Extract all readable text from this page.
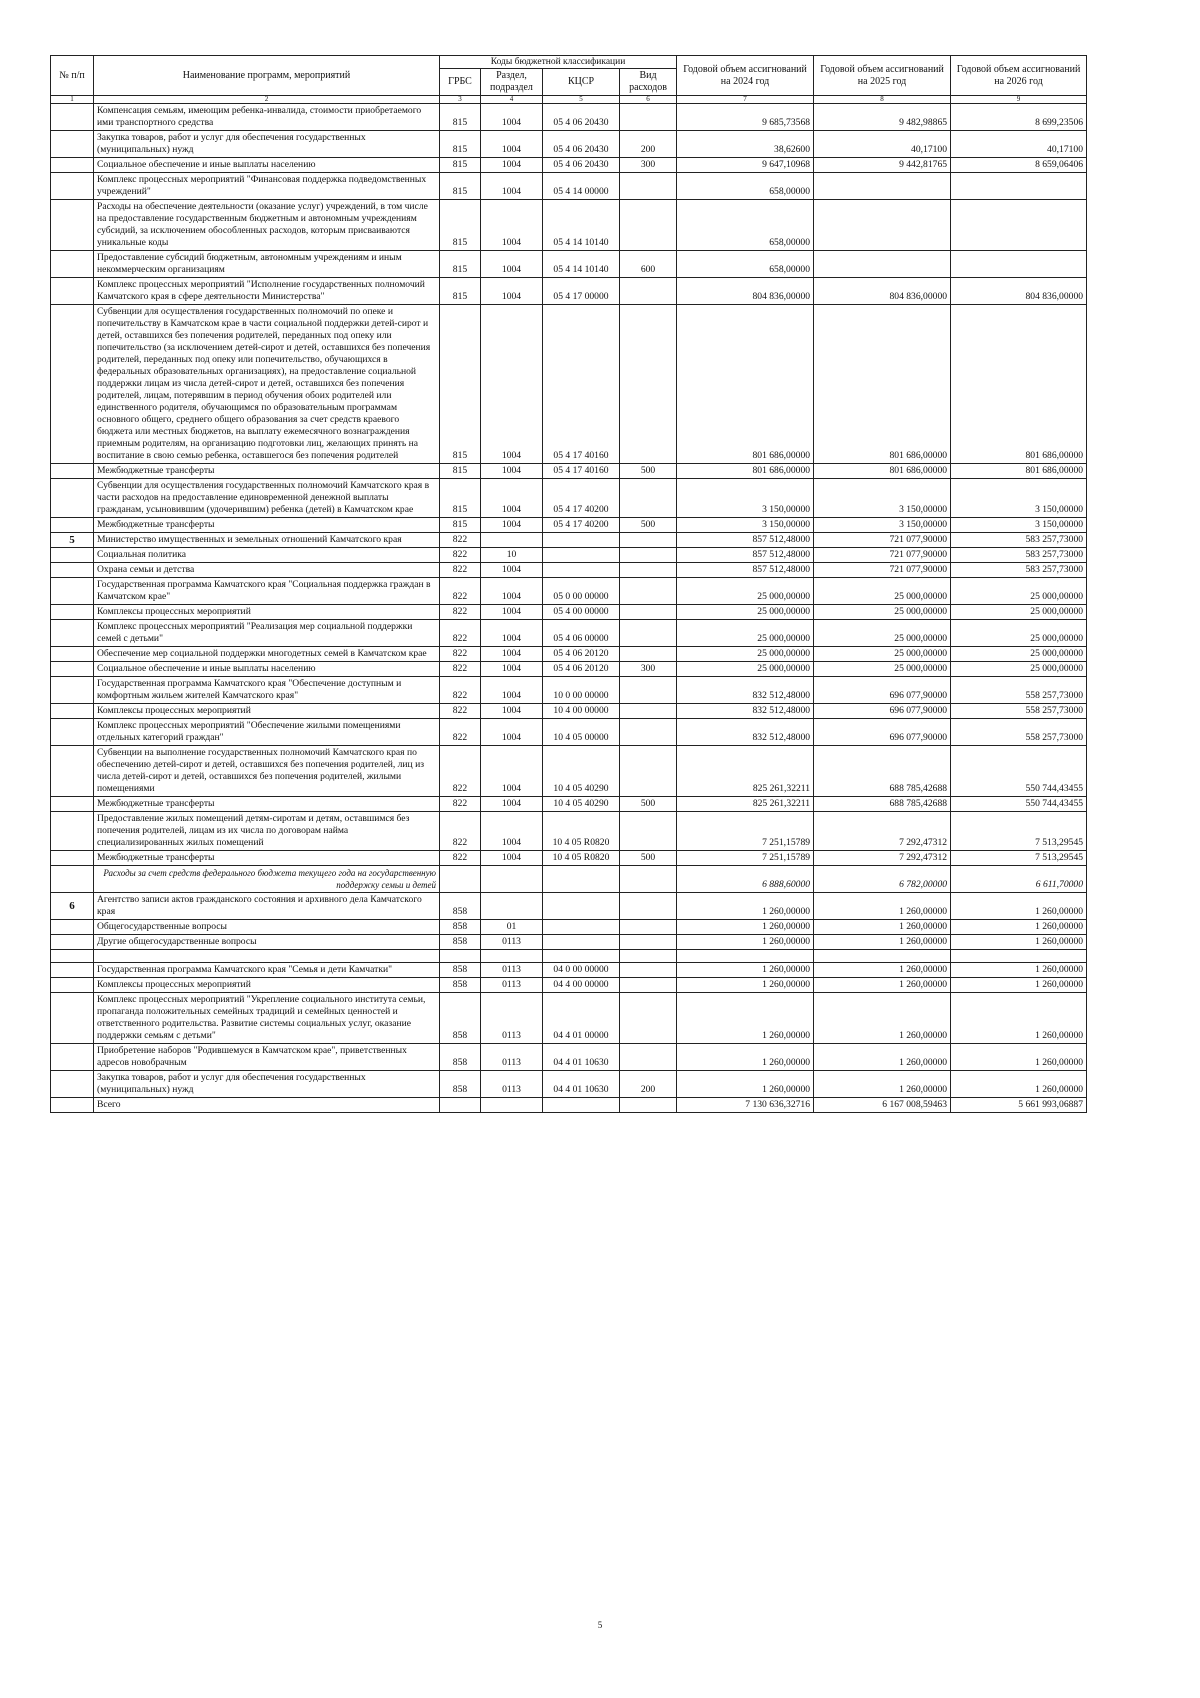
№ п/п	Наименование программ, мероприятий	Коды бюджетной классификации				Годовой объем ассигнований на 2024 год	Годовой объем ассигнований на 2025 год	Годовой объем ассигнований на 2026 год
		ГРБС	Раздел, подраздел	КЦСР	Вид расходов			
1	2	3	4	5	6	7	8	9
	Компенсация семьям, имеющим ребенка-инвалида, стоимости приобретаемого ими транспортного средства	815	1004	05 4 06 20430		9 685,73568	9 482,98865	8 699,23506
	Закупка товаров, работ и услуг для обеспечения государственных (муниципальных) нужд	815	1004	05 4 06 20430	200	38,62600	40,17100	40,17100
	Социальное обеспечение и иные выплаты населению	815	1004	05 4 06 20430	300	9 647,10968	9 442,81765	8 659,06406
	Комплекс процессных мероприятий "Финансовая поддержка подведомственных учреждений"	815	1004	05 4 14 00000		658,00000		
	Расходы на обеспечение деятельности (оказание услуг) учреждений, в том числе на предоставление государственным бюджетным и автономным учреждениям субсидий, за исключением обособленных расходов, которым присваиваются уникальные коды	815	1004	05 4 14 10140		658,00000		
	Предоставление субсидий бюджетным, автономным учреждениям и иным некоммерческим организациям	815	1004	05 4 14 10140	600	658,00000		
	Комплекс процессных мероприятий "Исполнение государственных полномочий Камчатского края в сфере деятельности Министерства"	815	1004	05 4 17 00000		804 836,00000	804 836,00000	804 836,00000
	Субвенции для осуществления государственных полномочий по опеке и попечительству в Камчатском крае в части социальной поддержки детей-сирот и детей, оставшихся без попечения родителей, переданных под опеку или попечительство (за исключением детей-сирот и детей, оставшихся без попечения родителей, переданных под опеку или попечительство, обучающихся в федеральных образовательных организациях), на предоставление социальной поддержки лицам из числа детей-сирот и детей, оставшихся без попечения родителей, лицам, потерявшим в период обучения обоих родителей или единственного родителя, обучающимся по образовательным программам основного общего, среднего общего образования за счет средств краевого бюджета или местных бюджетов, на выплату ежемесячного вознаграждения приемным родителям, на организацию подготовки лиц, желающих принять на воспитание в свою семью ребенка, оставшегося без попечения родителей	815	1004	05 4 17 40160		801 686,00000	801 686,00000	801 686,00000
	Межбюджетные трансферты	815	1004	05 4 17 40160	500	801 686,00000	801 686,00000	801 686,00000
	Субвенции для осуществления государственных полномочий Камчатского края в части расходов на предоставление единовременной денежной выплаты гражданам, усыновившим (удочерившим) ребенка (детей) в Камчатском крае	815	1004	05 4 17 40200		3 150,00000	3 150,00000	3 150,00000
	Межбюджетные трансферты	815	1004	05 4 17 40200	500	3 150,00000	3 150,00000	3 150,00000
5	Министерство имущественных и земельных отношений Камчатского края	822				857 512,48000	721 077,90000	583 257,73000
	Социальная политика	822	10			857 512,48000	721 077,90000	583 257,73000
	Охрана семьи и детства	822	1004			857 512,48000	721 077,90000	583 257,73000
	Государственная программа Камчатского края "Социальная поддержка граждан в Камчатском крае"	822	1004	05 0 00 00000		25 000,00000	25 000,00000	25 000,00000
	Комплексы процессных мероприятий	822	1004	05 4 00 00000		25 000,00000	25 000,00000	25 000,00000
	Комплекс процессных мероприятий "Реализация мер социальной поддержки семей с детьми"	822	1004	05 4 06 00000		25 000,00000	25 000,00000	25 000,00000
	Обеспечение мер социальной поддержки многодетных семей в Камчатском крае	822	1004	05 4 06 20120		25 000,00000	25 000,00000	25 000,00000
	Социальное обеспечение и иные выплаты населению	822	1004	05 4 06 20120	300	25 000,00000	25 000,00000	25 000,00000
	Государственная программа Камчатского края "Обеспечение доступным и комфортным жильем жителей Камчатского края"	822	1004	10 0 00 00000		832 512,48000	696 077,90000	558 257,73000
	Комплексы процессных мероприятий	822	1004	10 4 00 00000		832 512,48000	696 077,90000	558 257,73000
	Комплекс процессных мероприятий "Обеспечение жилыми помещениями отдельных категорий граждан"	822	1004	10 4 05 00000		832 512,48000	696 077,90000	558 257,73000
	Субвенции на выполнение государственных полномочий Камчатского края по обеспечению детей-сирот и детей, оставшихся без попечения родителей, лиц из числа детей-сирот и детей, оставшихся без попечения родителей, жилыми помещениями	822	1004	10 4 05 40290		825 261,32211	688 785,42688	550 744,43455
	Межбюджетные трансферты	822	1004	10 4 05 40290	500	825 261,32211	688 785,42688	550 744,43455
	Предоставление жилых помещений детям-сиротам и детям, оставшимся без попечения родителей, лицам из их числа по договорам найма специализированных жилых помещений	822	1004	10 4 05 R0820		7 251,15789	7 292,47312	7 513,29545
	Межбюджетные трансферты	822	1004	10 4 05 R0820	500	7 251,15789	7 292,47312	7 513,29545
	Расходы за счет средств федерального бюджета текущего года на государственную поддержку семьи и детей					6 888,60000	6 782,00000	6 611,70000
6	Агентство записи актов гражданского состояния и архивного дела Камчатского края	858				1 260,00000	1 260,00000	1 260,00000
	Общегосударственные вопросы	858	01			1 260,00000	1 260,00000	1 260,00000
	Другие общегосударственные вопросы	858	0113			1 260,00000	1 260,00000	1 260,00000

	Государственная программа Камчатского края "Семья и дети Камчатки"	858	0113	04 0 00 00000		1 260,00000	1 260,00000	1 260,00000
	Комплексы процессных мероприятий	858	0113	04 4 00 00000		1 260,00000	1 260,00000	1 260,00000
	Комплекс процессных мероприятий "Укрепление социального института семьи, пропаганда положительных семейных традиций и семейных ценностей и ответственного родительства. Развитие системы социальных услуг, оказание поддержки семьям с детьми"	858	0113	04 4 01 00000		1 260,00000	1 260,00000	1 260,00000
	Приобретение наборов "Родившемуся в Камчатском крае", приветственных адресов новобрачным	858	0113	04 4 01 10630		1 260,00000	1 260,00000	1 260,00000
	Закупка товаров, работ и услуг для обеспечения государственных (муниципальных) нужд	858	0113	04 4 01 10630	200	1 260,00000	1 260,00000	1 260,00000
	Всего					7 130 636,32716	6 167 008,59463	5 661 993,06887
5
